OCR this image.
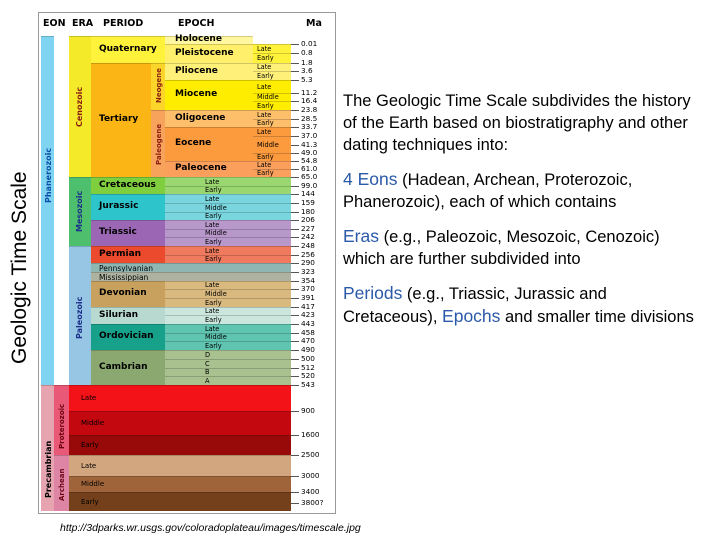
Geologic Time Scale
EON ERA PERIOD	EPOCH	Ma
Phanerozoic
Precambrian
Cenozoic
Mesozoic
Paleozoic
Proterozoic
Archean
Neogene
Paleogene
Quaternary
Tertiary
Cretaceous
Jurassic
Triassic
Permian
Pennsylvanian
Mississippian
Devonian
Silurian
Ordovician
Cambrian
Holocene
Pleistocene
Pliocene
Miocene
Oligocene
Eocene
Paleocene
Late
Early
Late
Early
Late
Middle
Early
Late
Early
Late
Middle
Early
Late
Early
Late
Early
Late
Middle
Early
Late
Middle
Early
Late
Early
Late
Middle
Early
Late
Early
Late
Middle
Early
D
C
B
A
Late
Middle
Early
Late
Middle
Early
0.01
0.8
1.8
3.6
5.3
11.2
16.4
23.8
28.5
33.7
37.0
41.3
49.0
54.8
61.0
65.0
99.0
144
159
180
206
227
242
248
256
290
323
354
370
391
417
423
443
458
470
490
500
512
520
543
900
1600
2500
3000
3400
3800?

The Geologic Time Scale subdivides the history of the Earth based on biostratigraphy and other dating techniques into:

4 Eons (Hadean, Archean, Proterozoic, Phanerozoic), each of which contains

Eras (e.g., Paleozoic, Mesozoic, Cenozoic) which are further subdivided into

Periods (e.g., Triassic, Jurassic and Cretaceous), Epochs and smaller time divisions

http://3dparks.wr.usgs.gov/coloradoplateau/images/timescale.jpg
